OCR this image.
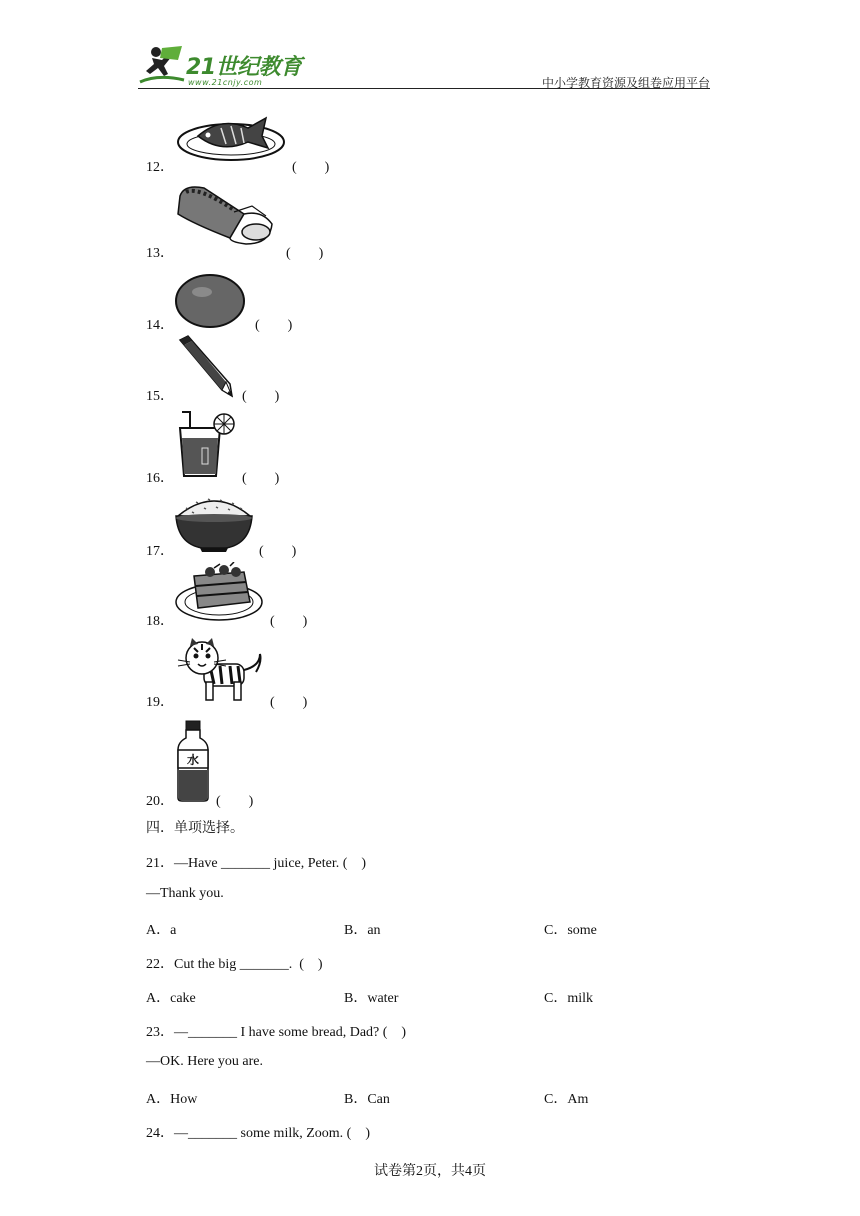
21世纪教育
www.21cnjy.com	中小学教育资源及组卷应用平台
12．	(　　)
13．	(　　)
14．	(　　)
15．	(　　)
16．	(　　)
17．	(　　)
18．	(　　)
19．	(　　)
水
20．	(　　)
四．单项选择。
21．—Have _______ juice, Peter. (　)
—Thank you.
A．a	B．an	C．some
22．Cut the big _______.  (　)
A．cake	B．water	C．milk
23．—_______ I have some bread, Dad? (　)
—OK. Here you are.
A．How	B．Can	C．Am
24．—_______ some milk, Zoom. (　)
试卷第2页，共4页
